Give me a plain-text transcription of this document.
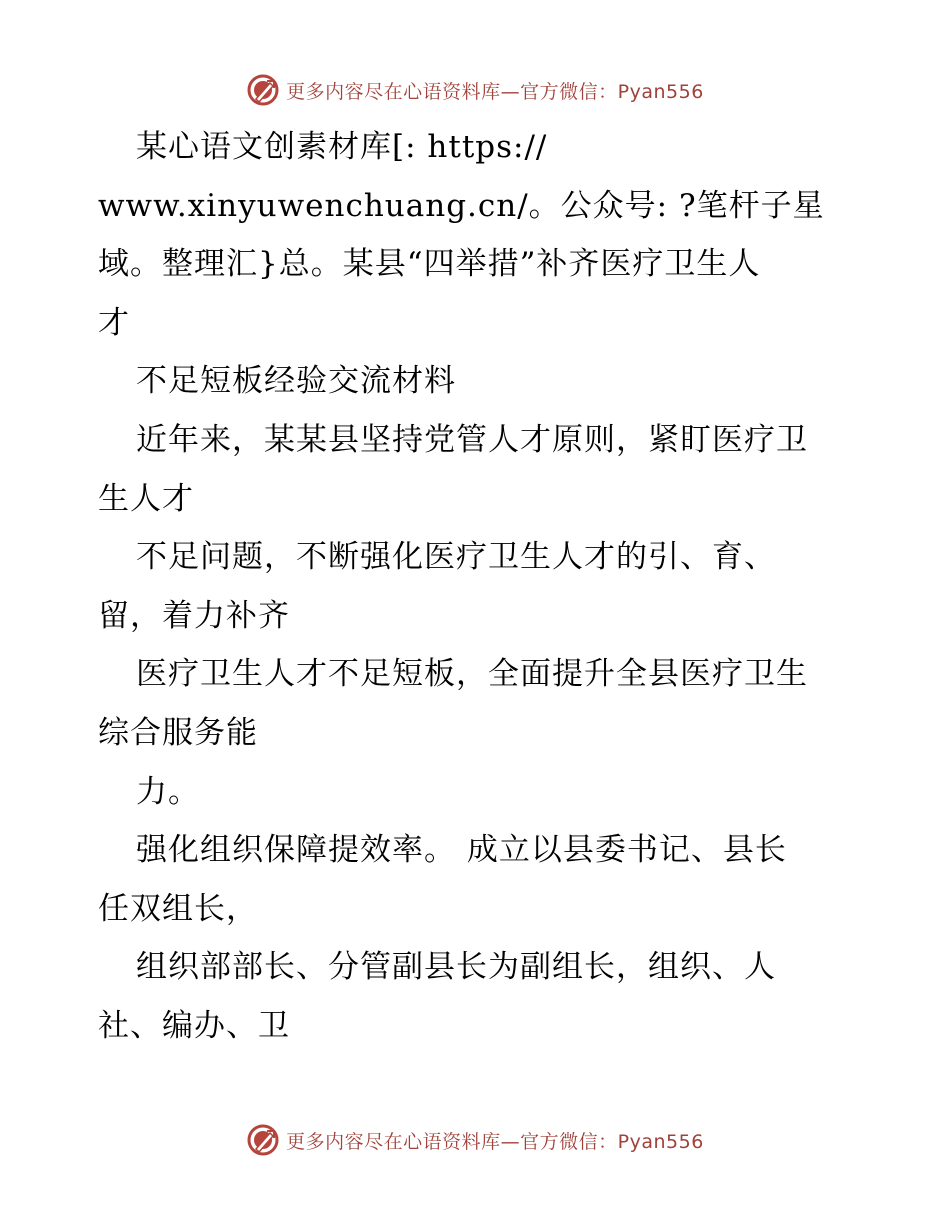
更多内容尽在心语资料库—官方微信：Pyan556
某心语文创素材库[: https://
www.xinyuwenchuang.cn/。公众号: ?笔杆子星
域。整理汇}总。某县“四举措”补齐医疗卫生人
才
不足短板经验交流材料
近年来，某某县坚持党管人才原则，紧盯医疗卫
生人才
不足问题，不断强化医疗卫生人才的引、育、
留，着力补齐
医疗卫生人才不足短板，全面提升全县医疗卫生
综合服务能
力。
强化组织保障提效率。 成立以县委书记、县长
任双组长，
组织部部长、分管副县长为副组长，组织、人
社、编办、卫
更多内容尽在心语资料库—官方微信：Pyan556
